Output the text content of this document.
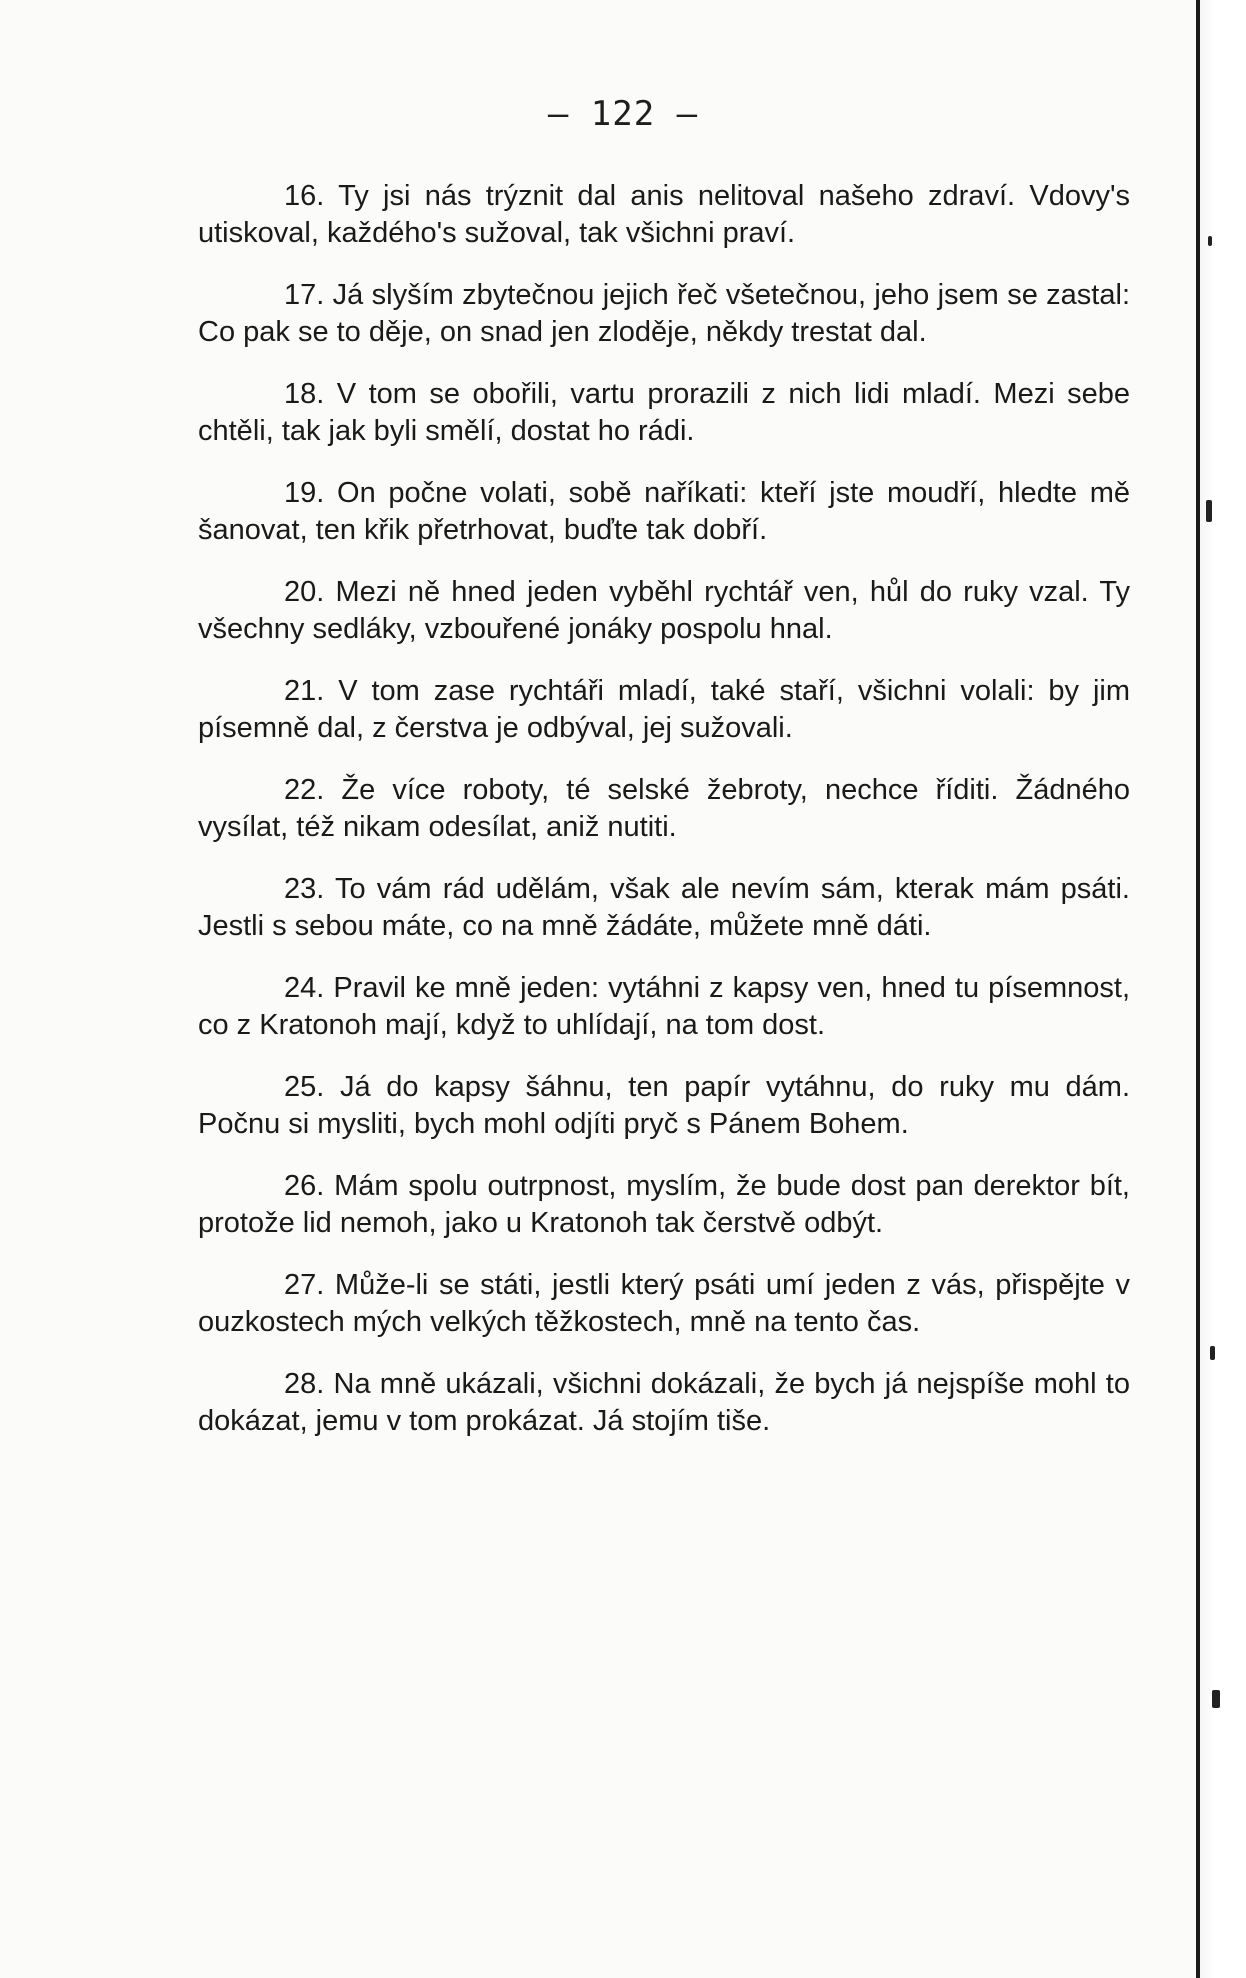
— 122 —

16. Ty jsi nás trýznit dal anis nelitoval našeho zdraví. Vdovy's utiskoval, každého's sužoval, tak všichni praví.

17. Já slyším zbytečnou jejich řeč všetečnou, jeho jsem se zastal: Co pak se to děje, on snad jen zloděje, někdy trestat dal.

18. V tom se obořili, vartu prorazili z nich lidi mladí. Mezi sebe chtěli, tak jak byli smělí, dostat ho rádi.

19. On počne volati, sobě naříkati: kteří jste moudří, hledte mě šanovat, ten křik přetrhovat, buďte tak dobří.

20. Mezi ně hned jeden vyběhl rychtář ven, hůl do ruky vzal. Ty všechny sedláky, vzbouřené jonáky pospolu hnal.

21. V tom zase rychtáři mladí, také staří, všichni volali: by jim písemně dal, z čerstva je odbýval, jej sužovali.

22. Že více roboty, té selské žebroty, nechce říditi. Žádného vysílat, též nikam odesílat, aniž nutiti.

23. To vám rád udělám, však ale nevím sám, kterak mám psáti. Jestli s sebou máte, co na mně žádáte, můžete mně dáti.

24. Pravil ke mně jeden: vytáhni z kapsy ven, hned tu písemnost, co z Kratonoh mají, když to uhlídají, na tom dost.

25. Já do kapsy šáhnu, ten papír vytáhnu, do ruky mu dám. Počnu si mysliti, bych mohl odjíti pryč s Pánem Bohem.

26. Mám spolu outrpnost, myslím, že bude dost pan derektor bít, protože lid nemoh, jako u Kratonoh tak čerstvě odbýt.

27. Může-li se státi, jestli který psáti umí jeden z vás, přispějte v ouzkostech mých velkých těžkostech, mně na tento čas.

28. Na mně ukázali, všichni dokázali, že bych já nejspíše mohl to dokázat, jemu v tom prokázat. Já stojím tiše.
